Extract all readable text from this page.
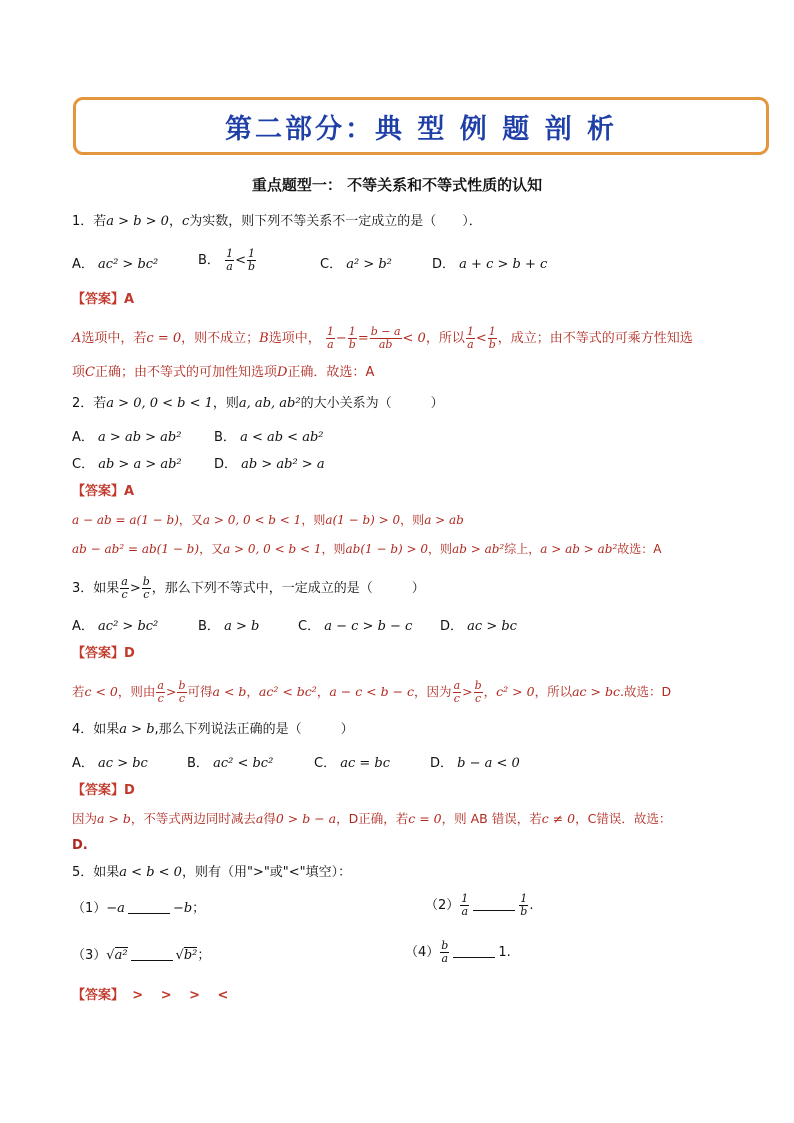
第二部分：典 型 例 题 剖 析
重点题型一： 不等关系和不等式性质的认知
1．若a > b > 0，c为实数，则下列不等关系不一定成立的是（　　）．
A． ac² > bc²	B． $\frac{1}{a} < \frac{1}{b}$	C． a² > b²	D． a + c > b + c
【答案】A
A选项中，若c = 0，则不成立；B选项中， $\frac{1}{a} - \frac{1}{b} = \frac{b - a}{ab} < 0$，所以 $\frac{1}{a} < \frac{1}{b}$ ，成立；由不等式的可乘方性知选
项C正确；由不等式的可加性知选项D正确．故选：A
2．若a > 0, 0 < b < 1，则a, ab, ab²的大小关系为（　　　）
A． a > ab > ab²	B． a < ab < ab²
C． ab > a > ab² D． ab > ab² > a
【答案】A
a − ab = a(1 − b)，又a > 0, 0 < b < 1，则a(1 − b) > 0，则a > ab
ab − ab² = ab(1 − b)，又a > 0, 0 < b < 1，则ab(1 − b) > 0，则ab > ab²综上，a > ab > ab²故选：A
3．如果 $\frac{a}{c} > \frac{b}{c}$ ，那么下列不等式中，一定成立的是（　　　）
A． ac² > bc²	B． a > b	C． a − c > b − c D． ac > bc
【答案】D
若c < 0，则由 $\frac{a}{c} > \frac{b}{c}$ 可得a < b，ac² < bc²，a − c < b − c，因为 $\frac{a}{c} > \frac{b}{c}$ ，c² > 0，所以ac > bc.故选：D
4．如果a > b,那么下列说法正确的是（　　　）
A． ac > bc	B． ac² < bc²	C． ac = bc	D． b − a < 0
【答案】D
因为a > b，不等式两边同时减去a得0 > b − a，D正确，若c = 0，则 AB 错误，若c ≠ 0，C错误．故选：
D.
5．如果a < b < 0，则有（用">"或"<"填空）：
（1）−a	−b；	$(2) \frac{1}{a}$	$\frac{1}{b}$ .
（3）√a²	√b²；	$(4) \frac{b}{a}$	1.
【答案】 >　 >　 >　 <
